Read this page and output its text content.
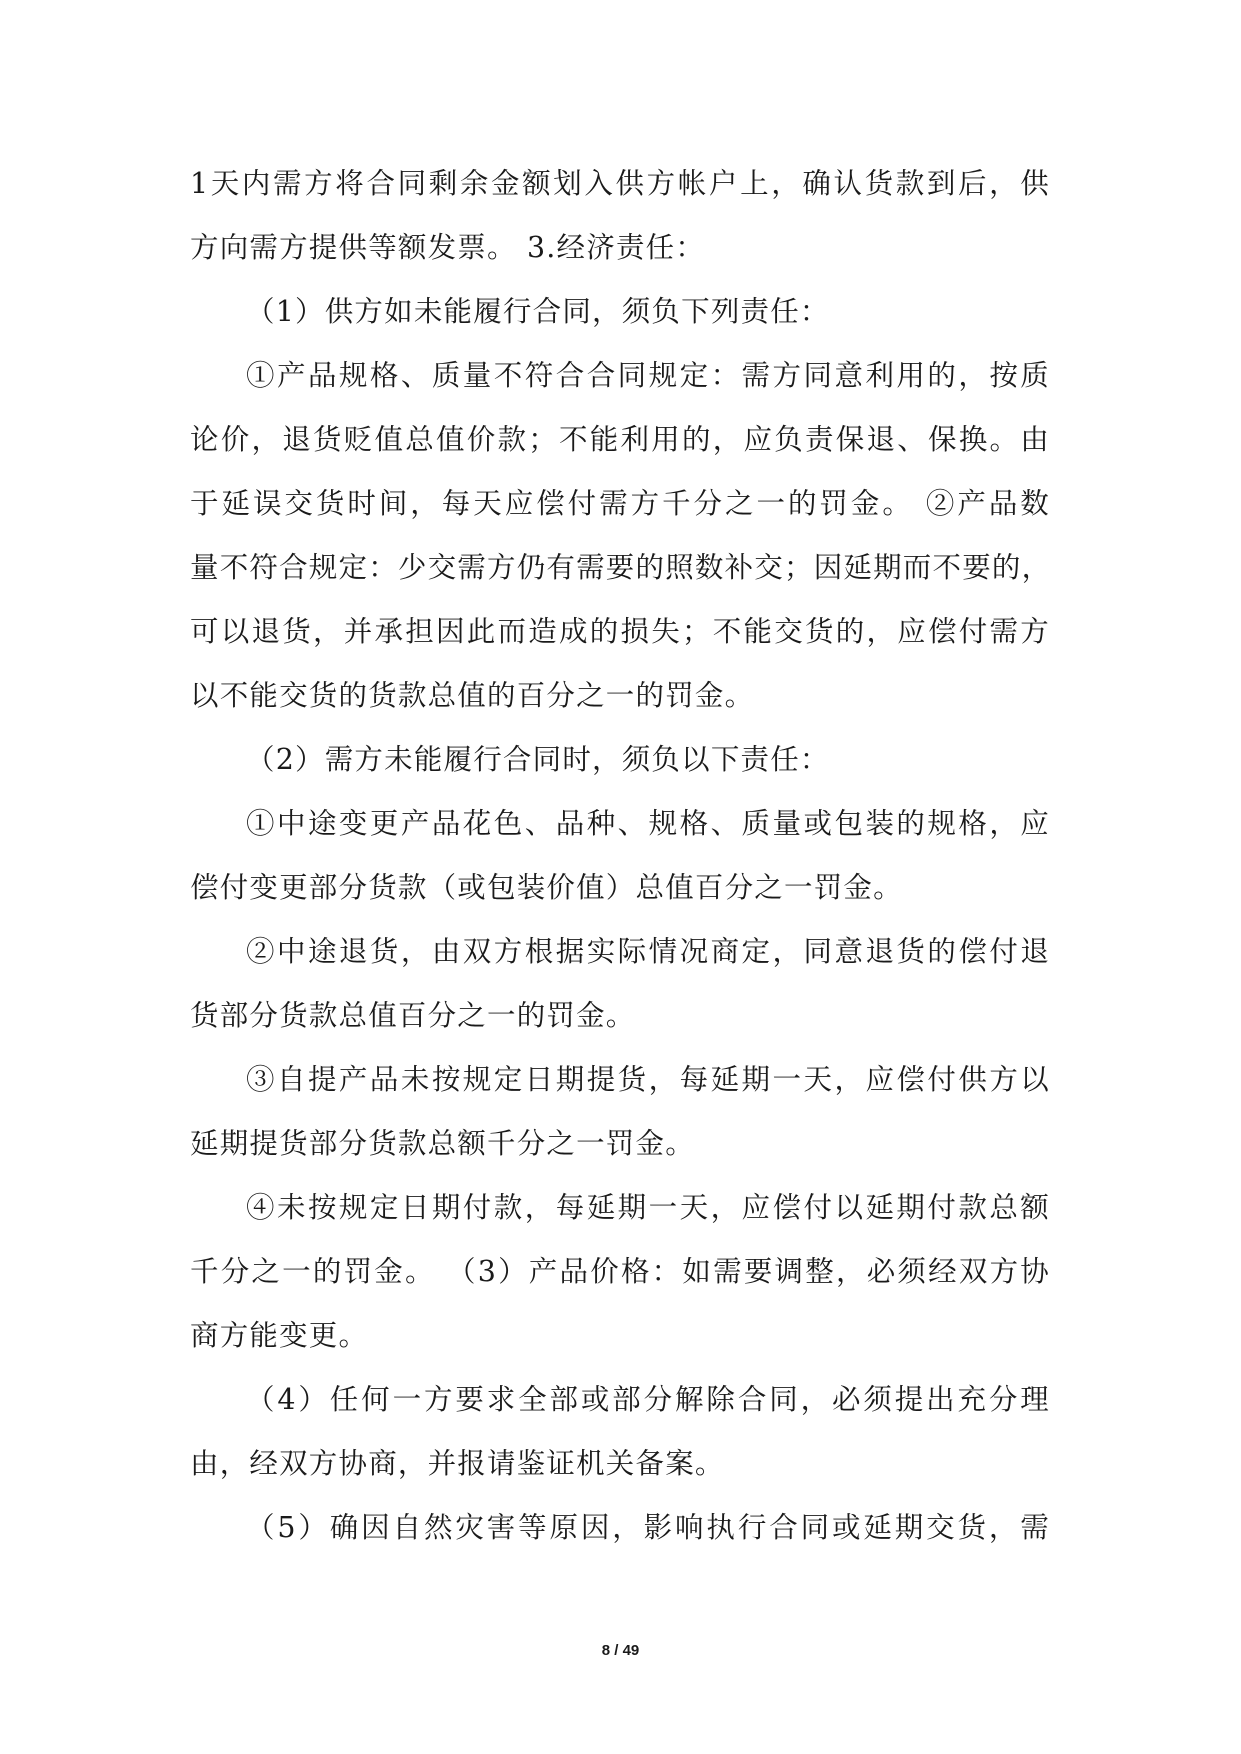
1天内需方将合同剩余金额划入供方帐户上，确认货款到后，供
方向需方提供等额发票。 3.经济责任：
（1）供方如未能履行合同，须负下列责任：
①产品规格、质量不符合合同规定：需方同意利用的，按质
论价，退货贬值总值价款；不能利用的，应负责保退、保换。由
于延误交货时间，每天应偿付需方千分之一的罚金。 ②产品数
量不符合规定：少交需方仍有需要的照数补交；因延期而不要的，
可以退货，并承担因此而造成的损失；不能交货的，应偿付需方
以不能交货的货款总值的百分之一的罚金。
（2）需方未能履行合同时，须负以下责任：
①中途变更产品花色、品种、规格、质量或包装的规格，应
偿付变更部分货款（或包装价值）总值百分之一罚金。
②中途退货，由双方根据实际情况商定，同意退货的偿付退
货部分货款总值百分之一的罚金。
③自提产品未按规定日期提货，每延期一天，应偿付供方以
延期提货部分货款总额千分之一罚金。
④未按规定日期付款，每延期一天，应偿付以延期付款总额
千分之一的罚金。 （3）产品价格：如需要调整，必须经双方协
商方能变更。
（4）任何一方要求全部或部分解除合同，必须提出充分理
由，经双方协商，并报请鉴证机关备案。
（5）确因自然灾害等原因，影响执行合同或延期交货，需
8 / 49
